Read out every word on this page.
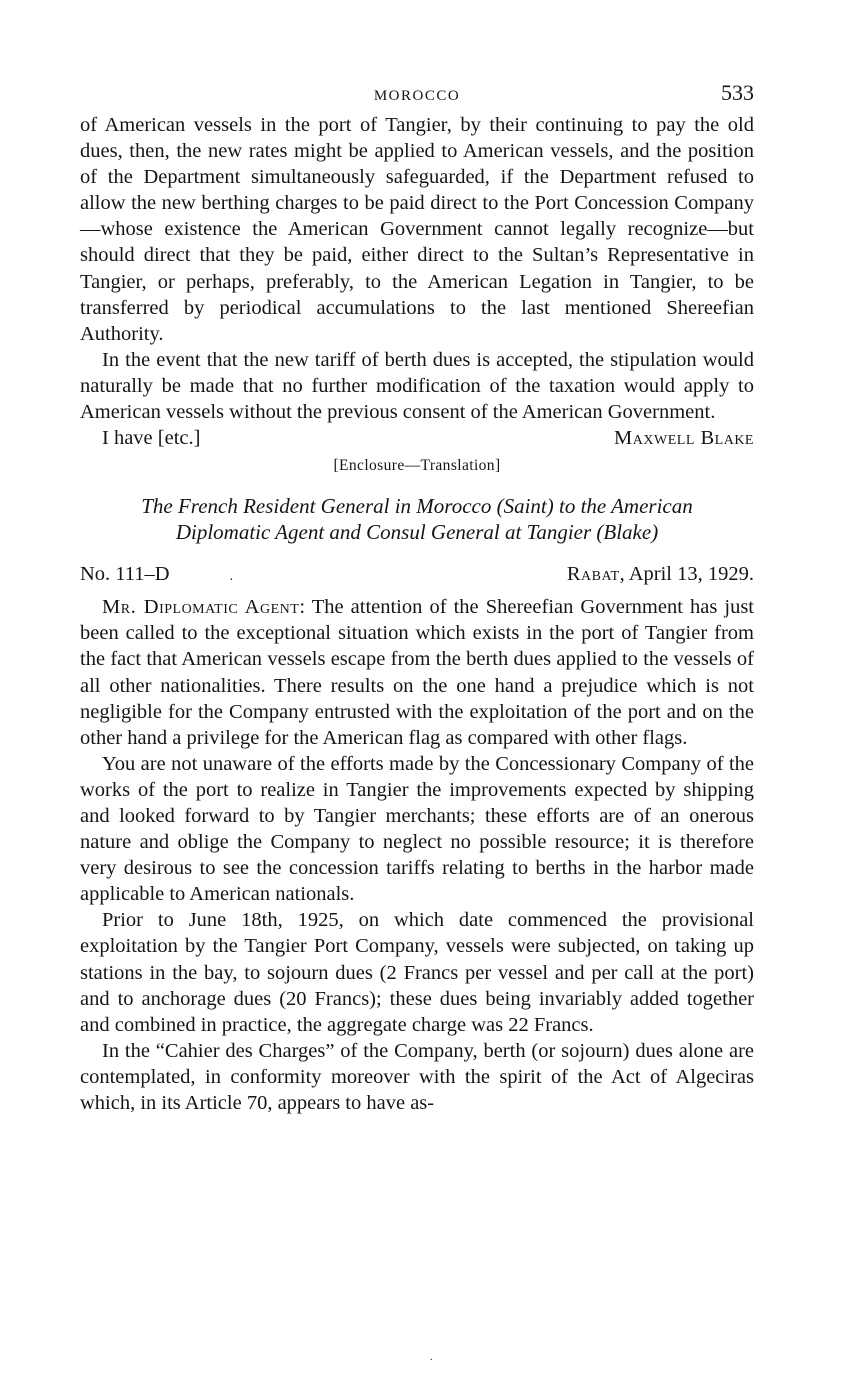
MOROCCO	533

of American vessels in the port of Tangier, by their continuing to pay the old dues, then, the new rates might be applied to American vessels, and the position of the Department simultaneously safeguarded, if the Department refused to allow the new berthing charges to be paid direct to the Port Concession Company—whose existence the American Government cannot legally recognize—but should direct that they be paid, either direct to the Sultan’s Representative in Tangier, or perhaps, preferably, to the American Legation in Tangier, to be transferred by periodical accumulations to the last mentioned Shereefian Authority.

In the event that the new tariff of berth dues is accepted, the stipulation would naturally be made that no further modification of the taxation would apply to American vessels without the previous consent of the American Government.

I have [etc.]	Maxwell Blake
[Enclosure—Translation]
The French Resident General in Morocco (Saint) to the American
Diplomatic Agent and Consul General at Tangier (Blake)
No. 111–D	.	Rabat, April 13, 1929.

Mr. Diplomatic Agent: The attention of the Shereefian Government has just been called to the exceptional situation which exists in the port of Tangier from the fact that American vessels escape from the berth dues applied to the vessels of all other nationalities. There results on the one hand a prejudice which is not negligible for the Company entrusted with the exploitation of the port and on the other hand a privilege for the American flag as compared with other flags.

You are not unaware of the efforts made by the Concessionary Company of the works of the port to realize in Tangier the improvements expected by shipping and looked forward to by Tangier merchants; these efforts are of an onerous nature and oblige the Company to neglect no possible resource; it is therefore very desirous to see the concession tariffs relating to berths in the harbor made applicable to American nationals.

Prior to June 18th, 1925, on which date commenced the provisional exploitation by the Tangier Port Company, vessels were subjected, on taking up stations in the bay, to sojourn dues (2 Francs per vessel and per call at the port) and to anchorage dues (20 Francs); these dues being invariably added together and combined in practice, the aggregate charge was 22 Francs.

In the “Cahier des Charges” of the Company, berth (or sojourn) dues alone are contemplated, in conformity moreover with the spirit of the Act of Algeciras which, in its Article 70, appears to have as-

.
